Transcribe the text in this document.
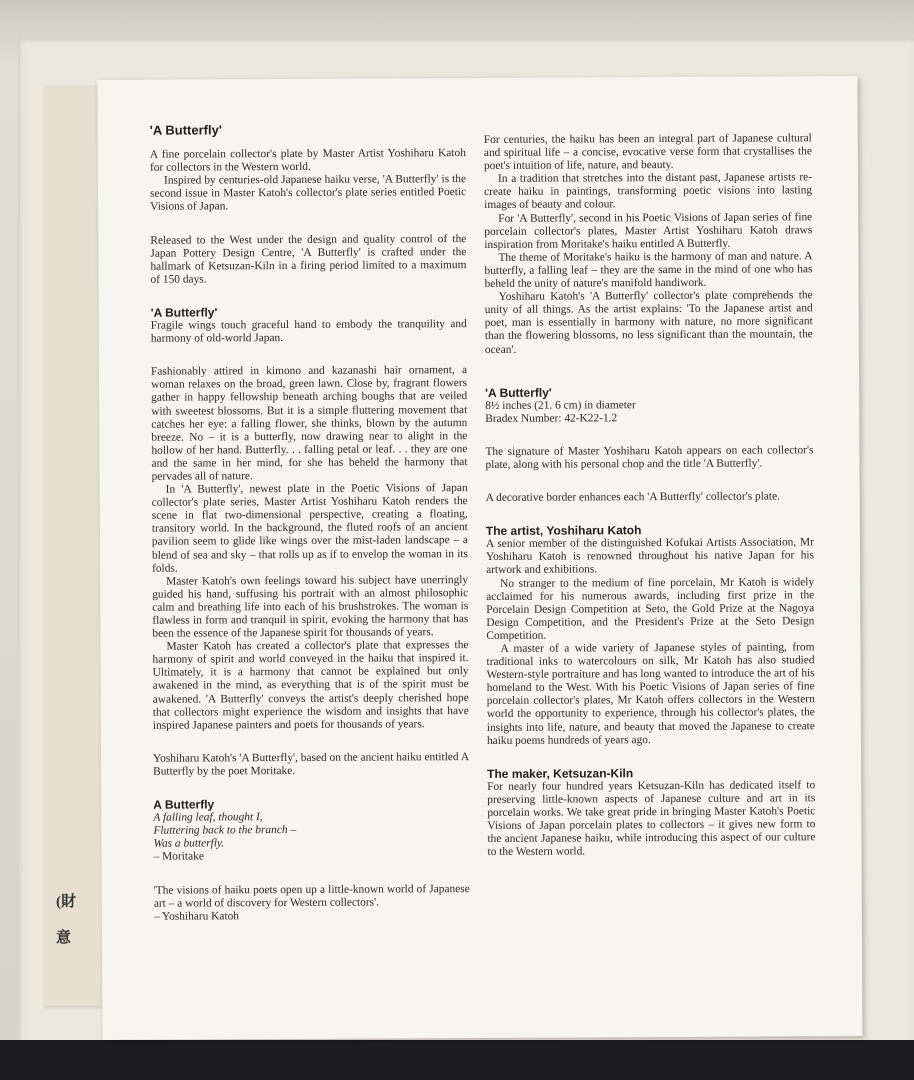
(財
意

'A Butterfly'

A fine porcelain collector's plate by Master Artist Yoshiharu Katoh for collectors in the Western world.

Inspired by centuries-old Japanese haiku verse, 'A Butterfly' is the second issue in Master Katoh's collector's plate series entitled Poetic Visions of Japan.

Released to the West under the design and quality control of the Japan Pottery Design Centre, 'A Butterfly' is crafted under the hallmark of Ketsuzan-Kiln in a firing period limited to a maximum of 150 days.

'A Butterfly'

Fragile wings touch graceful hand to embody the tranquility and harmony of old-world Japan.

Fashionably attired in kimono and kazanashi hair ornament, a woman relaxes on the broad, green lawn. Close by, fragrant flowers gather in happy fellowship beneath arching boughs that are veiled with sweetest blossoms. But it is a simple fluttering movement that catches her eye: a falling flower, she thinks, blown by the autumn breeze. No – it is a butterfly, now drawing near to alight in the hollow of her hand. Butterfly. . . falling petal or leaf. . . they are one and the same in her mind, for she has beheld the harmony that pervades all of nature.

In 'A Butterfly', newest plate in the Poetic Visions of Japan collector's plate series, Master Artist Yoshiharu Katoh renders the scene in flat two-dimensional perspective, creating a floating, transitory world. In the background, the fluted roofs of an ancient pavilion seem to glide like wings over the mist-laden landscape – a blend of sea and sky – that rolls up as if to envelop the woman in its folds.

Master Katoh's own feelings toward his subject have unerringly guided his hand, suffusing his portrait with an almost philosophic calm and breathing life into each of his brushstrokes. The woman is flawless in form and tranquil in spirit, evoking the harmony that has been the essence of the Japanese spirit for thousands of years.

Master Katoh has created a collector's plate that expresses the harmony of spirit and world conveyed in the haiku that inspired it. Ultimately, it is a harmony that cannot be explained but only awakened in the mind, as everything that is of the spirit must be awakened. 'A Butterfly' conveys the artist's deeply cherished hope that collectors might experience the wisdom and insights that have inspired Japanese painters and poets for thousands of years.

Yoshiharu Katoh's 'A Butterfly', based on the ancient haiku entitled A Butterfly by the poet Moritake.

A Butterfly

A falling leaf, thought I,

Fluttering back to the branch –

Was a butterfly.

– Moritake

'The visions of haiku poets open up a little-known world of Japanese art – a world of discovery for Western collectors'.

– Yoshiharu Katoh

For centuries, the haiku has been an integral part of Japanese cultural and spiritual life – a concise, evocative verse form that crystallises the poet's intuition of life, nature, and beauty.

In a tradition that stretches into the distant past, Japanese artists re-create haiku in paintings, transforming poetic visions into lasting images of beauty and colour.

For 'A Butterfly', second in his Poetic Visions of Japan series of fine porcelain collector's plates, Master Artist Yoshiharu Katoh draws inspiration from Moritake's haiku entitled A Butterfly.

The theme of Moritake's haiku is the harmony of man and nature. A butterfly, a falling leaf – they are the same in the mind of one who has beheld the unity of nature's manifold handiwork.

Yoshiharu Katoh's 'A Butterfly' collector's plate comprehends the unity of all things. As the artist explains: 'To the Japanese artist and poet, man is essentially in harmony with nature, no more significant than the flowering blossoms, no less significant than the mountain, the ocean'.

'A Butterfly'

8½ inches (21. 6 cm) in diameter

Bradex Number: 42-K22-1.2

The signature of Master Yoshiharu Katoh appears on each collector's plate, along with his personal chop and the title 'A Butterfly'.

A decorative border enhances each 'A Butterfly' collector's plate.

The artist, Yoshiharu Katoh

A senior member of the distinguished Kofukai Artists Association, Mr Yoshiharu Katoh is renowned throughout his native Japan for his artwork and exhibitions.

No stranger to the medium of fine porcelain, Mr Katoh is widely acclaimed for his numerous awards, including first prize in the Porcelain Design Competition at Seto, the Gold Prize at the Nagoya Design Competition, and the President's Prize at the Seto Design Competition.

A master of a wide variety of Japanese styles of painting, from traditional inks to watercolours on silk, Mr Katoh has also studied Western-style portraiture and has long wanted to introduce the art of his homeland to the West. With his Poetic Visions of Japan series of fine porcelain collector's plates, Mr Katoh offers collectors in the Western world the opportunity to experience, through his collector's plates, the insights into life, nature, and beauty that moved the Japanese to create haiku poems hundreds of years ago.

The maker, Ketsuzan-Kiln

For nearly four hundred years Ketsuzan-Kiln has dedicated itself to preserving little-known aspects of Japanese culture and art in its porcelain works. We take great pride in bringing Master Katoh's Poetic Visions of Japan porcelain plates to collectors – it gives new form to the ancient Japanese haiku, while introducing this aspect of our culture to the Western world.
